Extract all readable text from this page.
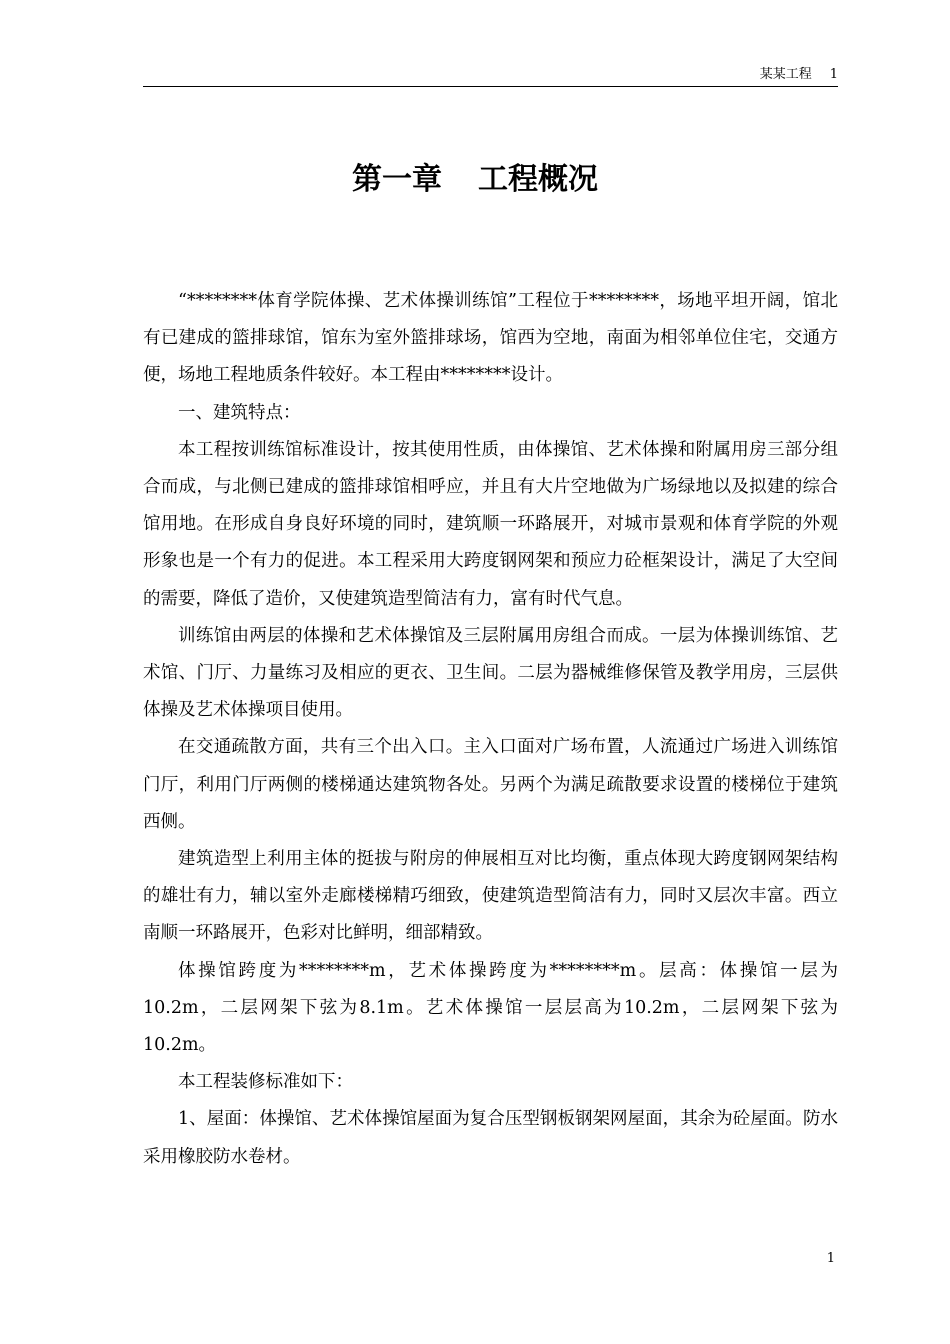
某某工程 1
第一章 工程概况

“********体育学院体操、艺术体操训练馆”工程位于********，场地平坦开阔，馆北有已建成的篮排球馆，馆东为室外篮排球场，馆西为空地，南面为相邻单位住宅，交通方便，场地工程地质条件较好。本工程由********设计。

一、建筑特点：

本工程按训练馆标准设计，按其使用性质，由体操馆、艺术体操和附属用房三部分组合而成，与北侧已建成的篮排球馆相呼应，并且有大片空地做为广场绿地以及拟建的综合馆用地。在形成自身良好环境的同时，建筑顺一环路展开，对城市景观和体育学院的外观形象也是一个有力的促进。本工程采用大跨度钢网架和预应力砼框架设计，满足了大空间的需要，降低了造价，又使建筑造型简洁有力，富有时代气息。

训练馆由两层的体操和艺术体操馆及三层附属用房组合而成。一层为体操训练馆、艺术馆、门厅、力量练习及相应的更衣、卫生间。二层为器械维修保管及教学用房，三层供体操及艺术体操项目使用。

在交通疏散方面，共有三个出入口。主入口面对广场布置，人流通过广场进入训练馆门厅，利用门厅两侧的楼梯通达建筑物各处。另两个为满足疏散要求设置的楼梯位于建筑西侧。

建筑造型上利用主体的挺拔与附房的伸展相互对比均衡，重点体现大跨度钢网架结构的雄壮有力，辅以室外走廊楼梯精巧细致，使建筑造型简洁有力，同时又层次丰富。西立南顺一环路展开，色彩对比鲜明，细部精致。

体操馆跨度为********m，艺术体操跨度为********m。层高：体操馆一层为10.2m，二层网架下弦为8.1m。艺术体操馆一层层高为10.2m，二层网架下弦为10.2m。

本工程装修标准如下：

1、屋面：体操馆、艺术体操馆屋面为复合压型钢板钢架网屋面，其余为砼屋面。防水采用橡胶防水卷材。

1
